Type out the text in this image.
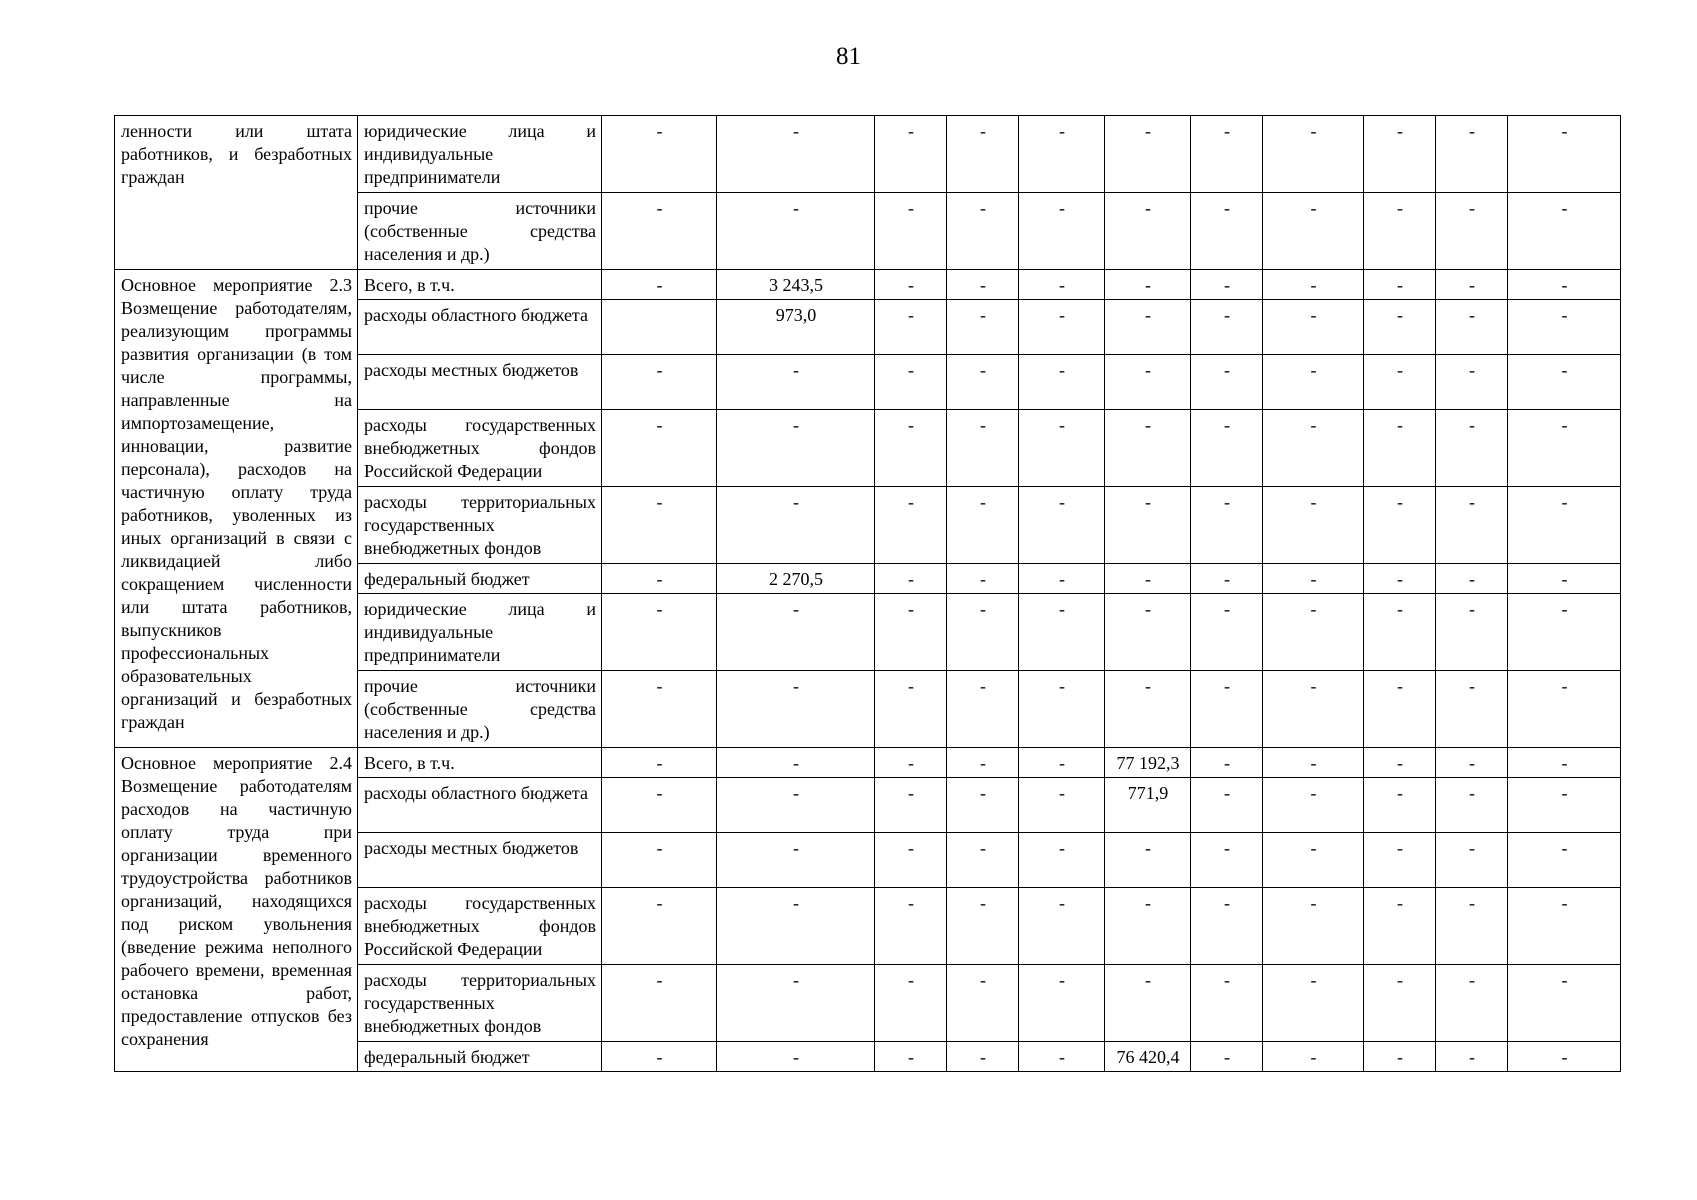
81
ленности или штата работников, и безработных граждан	юридические лица и индивидуальные предприниматели	-	-	-	-	-	-	-	-	-	-	-
	прочие источники (собственные средства населения и др.)	-	-	-	-	-	-	-	-	-	-	-
Основное мероприятие 2.3 Возмещение работодателям, реализующим программы развития организации (в том числе программы, направленные на импортозамещение, инновации, развитие персонала), расходов на частичную оплату труда работников, уволенных из иных организаций в связи с ликвидацией либо сокращением численности или штата работников, выпускников профессиональных образовательных организаций и безработных граждан	Всего, в т.ч.	-	3 243,5	-	-	-	-	-	-	-	-	-
	расходы областного бюджета		973,0	-	-	-	-	-	-	-	-	-
	расходы местных бюджетов	-	-	-	-	-	-	-	-	-	-	-
	расходы государственных внебюджетных фондов Российской Федерации	-	-	-	-	-	-	-	-	-	-	-
	расходы территориальных государственных внебюджетных фондов	-	-	-	-	-	-	-	-	-	-	-
	федеральный бюджет	-	2 270,5	-	-	-	-	-	-	-	-	-
	юридические лица и индивидуальные предприниматели	-	-	-	-	-	-	-	-	-	-	-
	прочие источники (собственные средства населения и др.)	-	-	-	-	-	-	-	-	-	-	-
Основное мероприятие 2.4 Возмещение работодателям расходов на частичную оплату труда при организации временного трудоустройства работников организаций, находящихся под риском увольнения (введение режима неполного рабочего времени, временная остановка работ, предоставление отпусков без сохранения	Всего, в т.ч.	-	-	-	-	-	77 192,3	-	-	-	-	-
	расходы областного бюджета	-	-	-	-	-	771,9	-	-	-	-	-
	расходы местных бюджетов	-	-	-	-	-	-	-	-	-	-	-
	расходы государственных внебюджетных фондов Российской Федерации	-	-	-	-	-	-	-	-	-	-	-
	расходы территориальных государственных внебюджетных фондов	-	-	-	-	-	-	-	-	-	-	-
	федеральный бюджет	-	-	-	-	-	76 420,4	-	-	-	-	-
